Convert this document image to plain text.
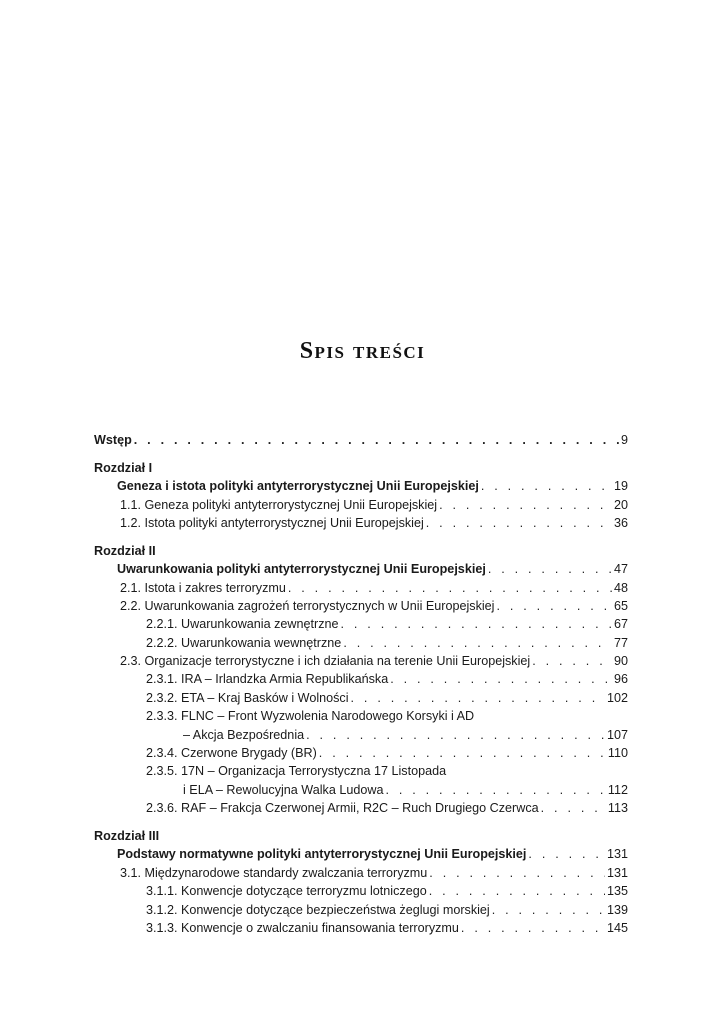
Spis treści
Wstęp . . .	9
Rozdział I
Geneza i istota polityki antyterrorystycznej Unii Europejskiej . . .	19
1.1. Geneza polityki antyterrorystycznej Unii Europejskiej . . .	20
1.2. Istota polityki antyterrorystycznej Unii Europejskiej . . .	36
Rozdział II
Uwarunkowania polityki antyterrorystycznej Unii Europejskiej . . .	47
2.1. Istota i zakres terroryzmu . . .	48
2.2. Uwarunkowania zagrożeń terrorystycznych w Unii Europejskiej . . .	65
2.2.1. Uwarunkowania zewnętrzne . . .	67
2.2.2. Uwarunkowania wewnętrzne . . .	77
2.3. Organizacje terrorystyczne i ich działania na terenie Unii Europejskiej . . .	90
2.3.1. IRA – Irlandzka Armia Republikańska . . .	96
2.3.2. ETA – Kraj Basków i Wolności . . .	102
2.3.3. FLNC – Front Wyzwolenia Narodowego Korsyki i AD
– Akcja Bezpośrednia . . .	107
2.3.4. Czerwone Brygady (BR) . . .	110
2.3.5. 17N – Organizacja Terrorystyczna 17 Listopada
i ELA – Rewolucyjna Walka Ludowa . . .	112
2.3.6. RAF – Frakcja Czerwonej Armii, R2C – Ruch Drugiego Czerwca . . .	113
Rozdział III
Podstawy normatywne polityki antyterrorystycznej Unii Europejskiej . . .	131
3.1. Międzynarodowe standardy zwalczania terroryzmu . . .	131
3.1.1. Konwencje dotyczące terroryzmu lotniczego . . .	135
3.1.2. Konwencje dotyczące bezpieczeństwa żeglugi morskiej . . .	139
3.1.3. Konwencje o zwalczaniu finansowania terroryzmu . . .	145
